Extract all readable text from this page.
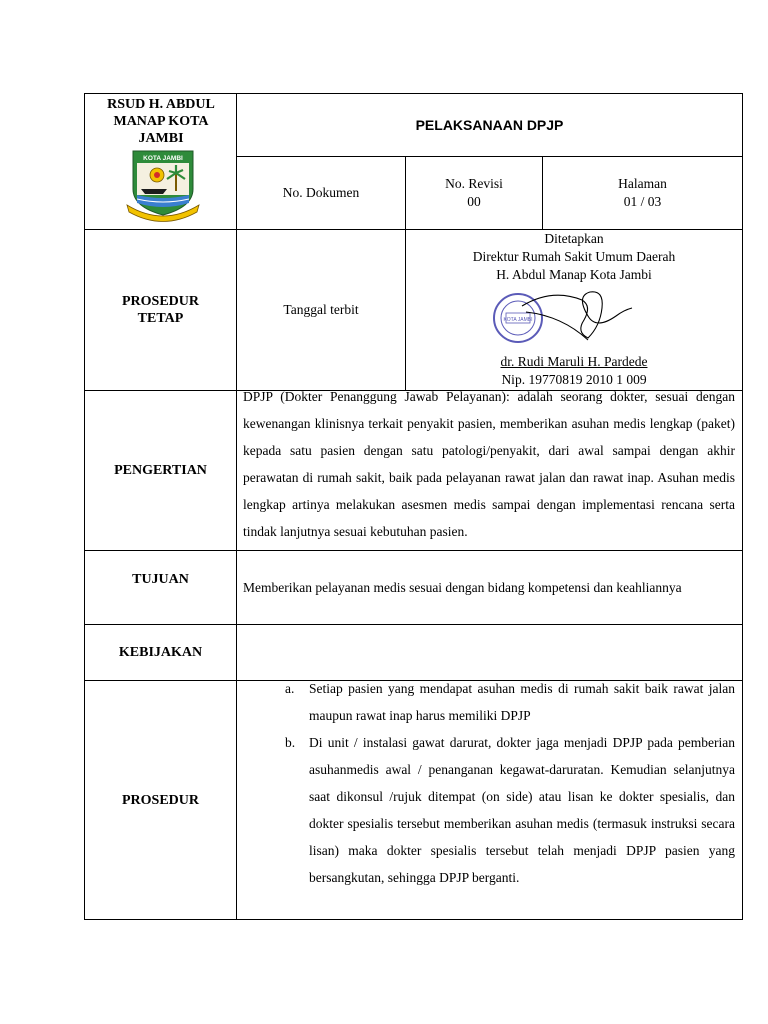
RSUD H. ABDUL MANAP KOTA JAMBI
KOTA JAMBI
PELAKSANAAN DPJP
No. Dokumen
No. Revisi
00
Halaman
01 / 03
PROSEDUR TETAP
Tanggal terbit
Ditetapkan
Direktur Rumah Sakit Umum Daerah
H. Abdul Manap Kota Jambi
KOTA JAMBI
dr. Rudi Maruli H. Pardede
Nip. 19770819 2010 1 009
PENGERTIAN
DPJP (Dokter Penanggung Jawab Pelayanan): adalah seorang dokter, sesuai dengan kewenangan klinisnya terkait penyakit pasien, memberikan asuhan medis lengkap (paket) kepada satu pasien dengan satu patologi/penyakit, dari awal sampai dengan akhir perawatan di rumah sakit, baik pada pelayanan rawat jalan dan rawat inap. Asuhan medis lengkap artinya melakukan asesmen medis sampai dengan implementasi rencana serta tindak lanjutnya sesuai kebutuhan pasien.
TUJUAN
Memberikan pelayanan medis sesuai dengan bidang kompetensi dan keahliannya
KEBIJAKAN
PROSEDUR
a. Setiap pasien yang mendapat asuhan medis di rumah sakit baik rawat jalan maupun rawat inap harus memiliki DPJP
b. Di unit / instalasi gawat darurat, dokter jaga menjadi DPJP pada pemberian asuhanmedis awal / penanganan kegawat-daruratan. Kemudian selanjutnya saat dikonsul /rujuk ditempat (on side) atau lisan ke dokter spesialis, dan dokter spesialis tersebut memberikan asuhan medis (termasuk instruksi secara lisan) maka dokter spesialis tersebut telah menjadi DPJP pasien yang bersangkutan, sehingga DPJP berganti.
